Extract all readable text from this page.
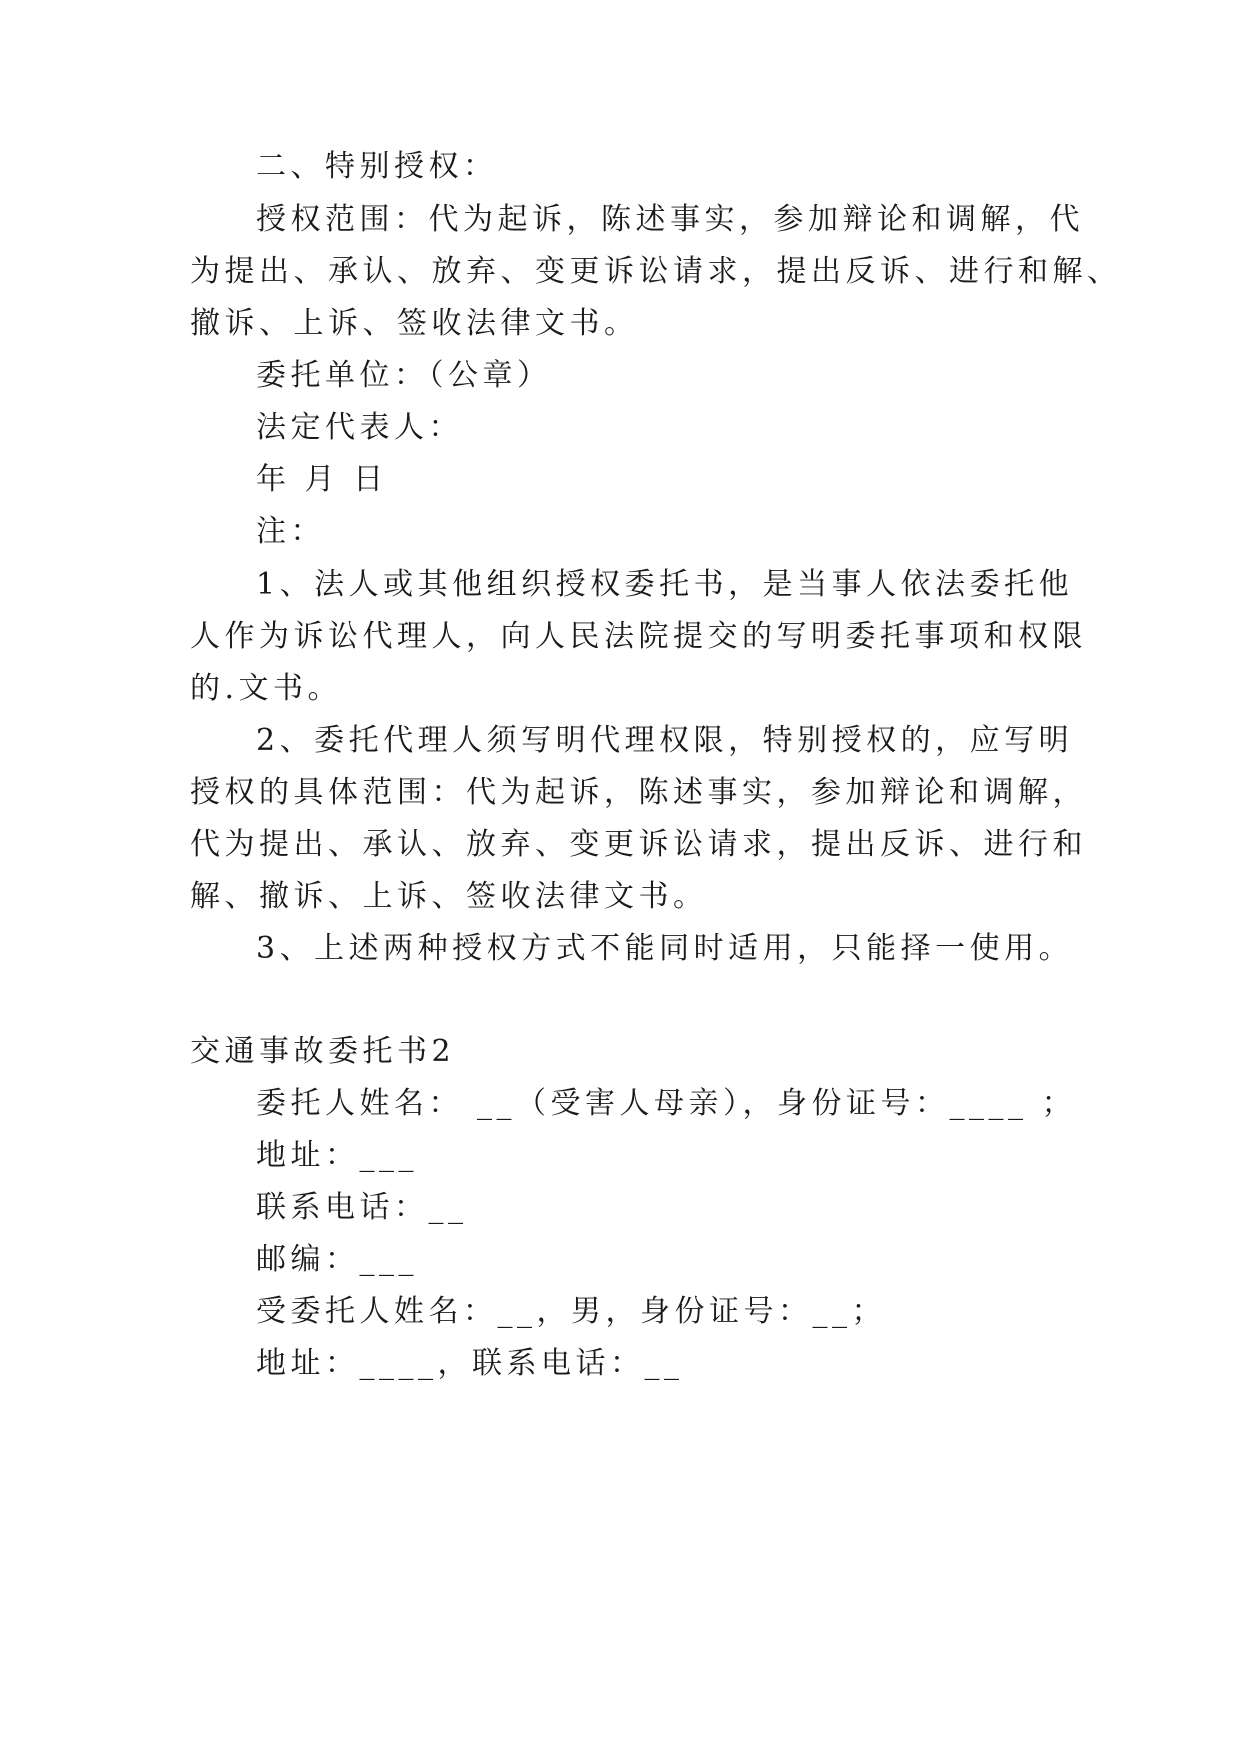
二、特别授权：
授权范围：代为起诉，陈述事实，参加辩论和调解，代
为提出、承认、放弃、变更诉讼请求，提出反诉、进行和解、
撤诉、上诉、签收法律文书。
委托单位：（公章）
法定代表人：
年 月 日
注：
1、法人或其他组织授权委托书，是当事人依法委托他
人作为诉讼代理人，向人民法院提交的写明委托事项和权限
的.文书。
2、委托代理人须写明代理权限，特别授权的，应写明
授权的具体范围：代为起诉，陈述事实，参加辩论和调解，
代为提出、承认、放弃、变更诉讼请求，提出反诉、进行和
解、撤诉、上诉、签收法律文书。
3、上述两种授权方式不能同时适用，只能择一使用。
交通事故委托书2
委托人姓名： __（受害人母亲），身份证号：____ ；
地址：___
联系电话：__
邮编：___
受委托人姓名：__，男，身份证号：__；
地址：____，联系电话：__
